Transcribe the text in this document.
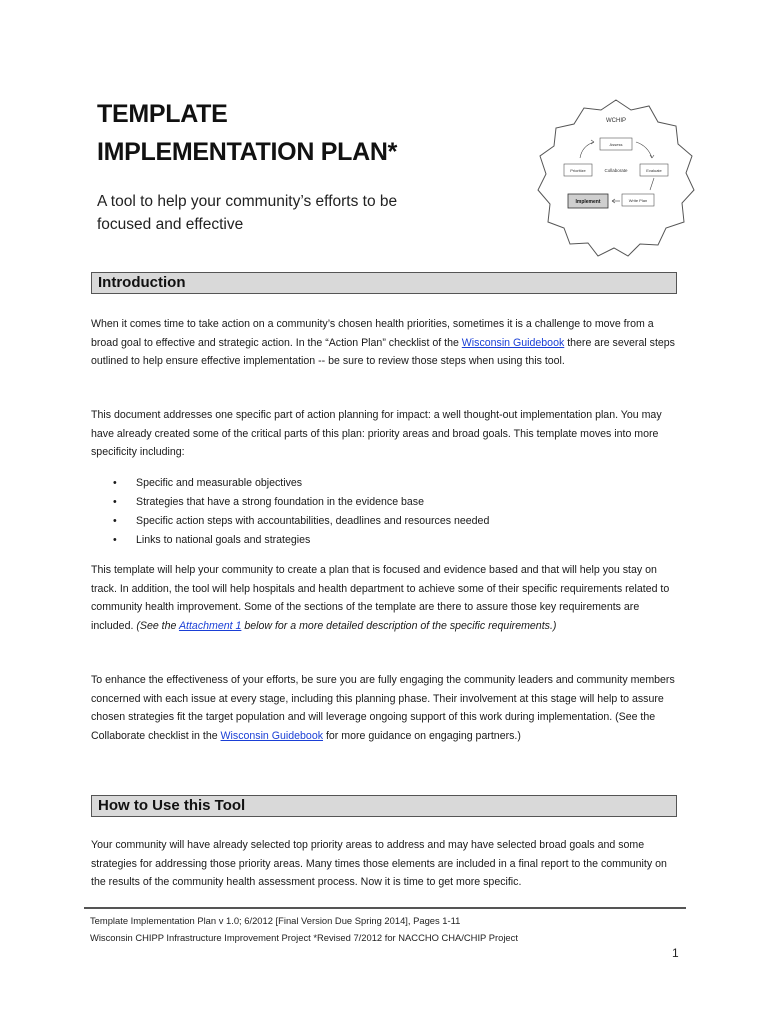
TEMPLATE
IMPLEMENTATION PLAN*
A tool to help your community’s efforts to be focused and effective
WCHIP
Assess
Prioritize	Evaluate
Collaborate
Implement	Write Plan
Introduction
When it comes time to take action on a community’s chosen health priorities, sometimes it is a challenge to move from a broad goal to effective and strategic action. In the “Action Plan” checklist of the Wisconsin Guidebook there are several steps outlined to help ensure effective implementation -- be sure to review those steps when using this tool.
This document addresses one specific part of action planning for impact: a well thought-out implementation plan. You may have already created some of the critical parts of this plan: priority areas and broad goals. This template moves into more specificity including:
• Specific and measurable objectives
• Strategies that have a strong foundation in the evidence base
• Specific action steps with accountabilities, deadlines and resources needed
• Links to national goals and strategies
This template will help your community to create a plan that is focused and evidence based and that will help you stay on track. In addition, the tool will help hospitals and health department to achieve some of their specific requirements related to community health improvement. Some of the sections of the template are there to assure those key requirements are included. (See the Attachment 1 below for a more detailed description of the specific requirements.)
To enhance the effectiveness of your efforts, be sure you are fully engaging the community leaders and community members concerned with each issue at every stage, including this planning phase. Their involvement at this stage will help to assure chosen strategies fit the target population and will leverage ongoing support of this work during implementation. (See the Collaborate checklist in the Wisconsin Guidebook for more guidance on engaging partners.)
How to Use this Tool
Your community will have already selected top priority areas to address and may have selected broad goals and some strategies for addressing those priority areas. Many times those elements are included in a final report to the community on the results of the community health assessment process. Now it is time to get more specific.
Template Implementation Plan v 1.0; 6/2012 [Final Version Due Spring 2014], Pages 1-11
Wisconsin CHIPP Infrastructure Improvement Project *Revised 7/2012 for NACCHO CHA/CHIP Project
1
